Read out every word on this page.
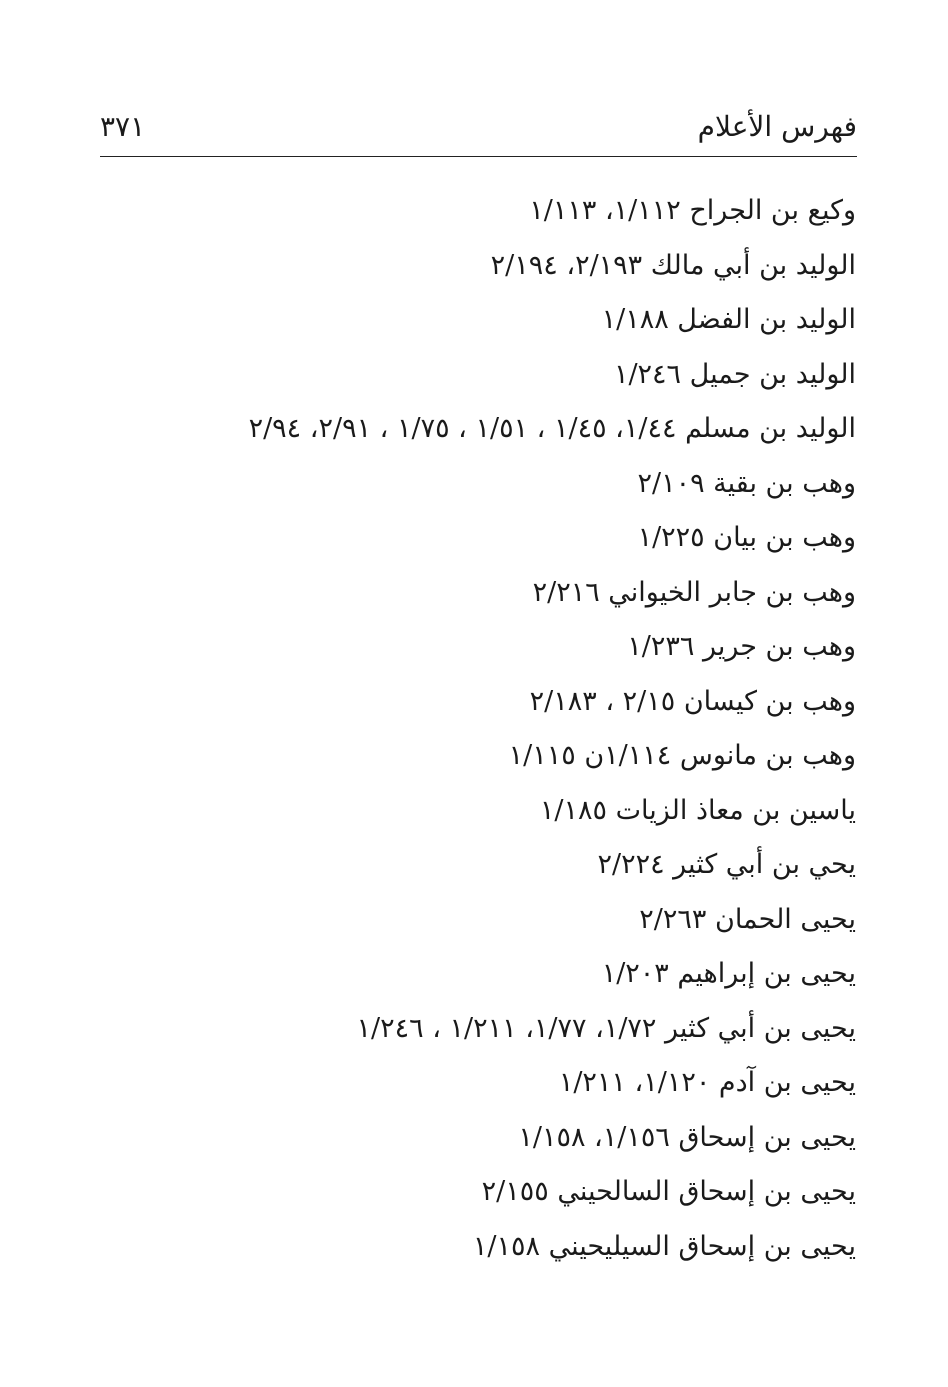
فهرس الأعلام
٣٧١
وكيع بن الجراح ١/١١٢، ١/١١٣
الوليد بن أبي مالك ٢/١٩٣، ٢/١٩٤
الوليد بن الفضل ١/١٨٨
الوليد بن جميل ١/٢٤٦
الوليد بن مسلم ١/٤٤، ١/٤٥ ، ١/٥١ ، ١/٧٥ ، ٢/٩١، ٢/٩٤
وهب بن بقية ٢/١٠٩
وهب بن بيان ١/٢٢٥
وهب بن جابر الخيواني ٢/٢١٦
وهب بن جرير ١/٢٣٦
وهب بن كيسان ٢/١٥ ، ٢/١٨٣
وهب بن مانوس ١/١١٤ن ١/١١٥
ياسين بن معاذ الزيات ١/١٨٥
يحي بن أبي كثير ٢/٢٢٤
يحيى الحمان ٢/٢٦٣
يحيى بن إبراهيم ١/٢٠٣
يحيى بن أبي كثير ١/٧٢، ١/٧٧، ١/٢١١ ، ١/٢٤٦
يحيى بن آدم ١/١٢٠، ١/٢١١
يحيى بن إسحاق ١/١٥٦، ١/١٥٨
يحيى بن إسحاق السالحيني ٢/١٥٥
يحيى بن إسحاق السيليحيني ١/١٥٨
